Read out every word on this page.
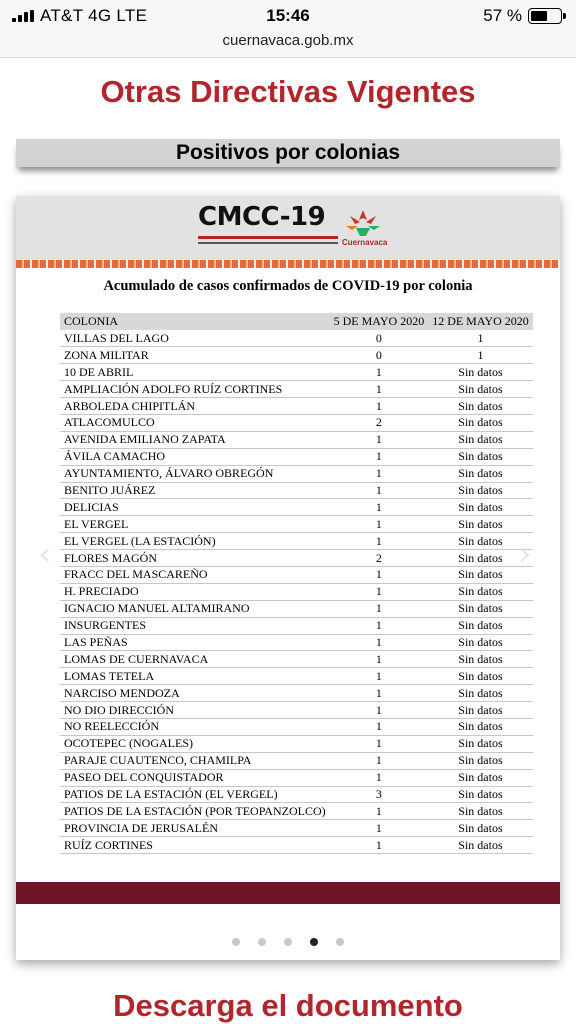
AT&T 4G LTE	15:46	57 %
cuernavaca.gob.mx
Otras Directivas Vigentes
Positivos por colonias
CMCC-19
Cuernavaca
Acumulado de casos confirmados de COVID-19 por colonia
COLONIA	5 DE MAYO 2020	12 DE MAYO 2020
VILLAS DEL LAGO	0	1
ZONA MILITAR	0	1
10 DE ABRIL	1	Sin datos
AMPLIACIÓN ADOLFO RUÍZ CORTINES	1	Sin datos
ARBOLEDA CHIPITLÁN	1	Sin datos
ATLACOMULCO	2	Sin datos
AVENIDA EMILIANO ZAPATA	1	Sin datos
ÁVILA CAMACHO	1	Sin datos
AYUNTAMIENTO, ÁLVARO OBREGÓN	1	Sin datos
BENITO JUÁREZ	1	Sin datos
DELICIAS	1	Sin datos
EL VERGEL	1	Sin datos
EL VERGEL (LA ESTACIÓN)	1	Sin datos
FLORES MAGÓN	2	Sin datos
FRACC DEL MASCAREÑO	1	Sin datos
H. PRECIADO	1	Sin datos
IGNACIO MANUEL ALTAMIRANO	1	Sin datos
INSURGENTES	1	Sin datos
LAS PEÑAS	1	Sin datos
LOMAS DE CUERNAVACA	1	Sin datos
LOMAS TETELA	1	Sin datos
NARCISO MENDOZA	1	Sin datos
NO DIO DIRECCIÓN	1	Sin datos
NO REELECCIÓN	1	Sin datos
OCOTEPEC (NOGALES)	1	Sin datos
PARAJE CUAUTENCO, CHAMILPA	1	Sin datos
PASEO DEL CONQUISTADOR	1	Sin datos
PATIOS DE LA ESTACIÓN (EL VERGEL)	3	Sin datos
PATIOS DE LA ESTACIÓN (POR TEOPANZOLCO)	1	Sin datos
PROVINCIA DE JERUSALÉN	1	Sin datos
RUÍZ CORTINES	1	Sin datos
‹	›
Descarga el documento
